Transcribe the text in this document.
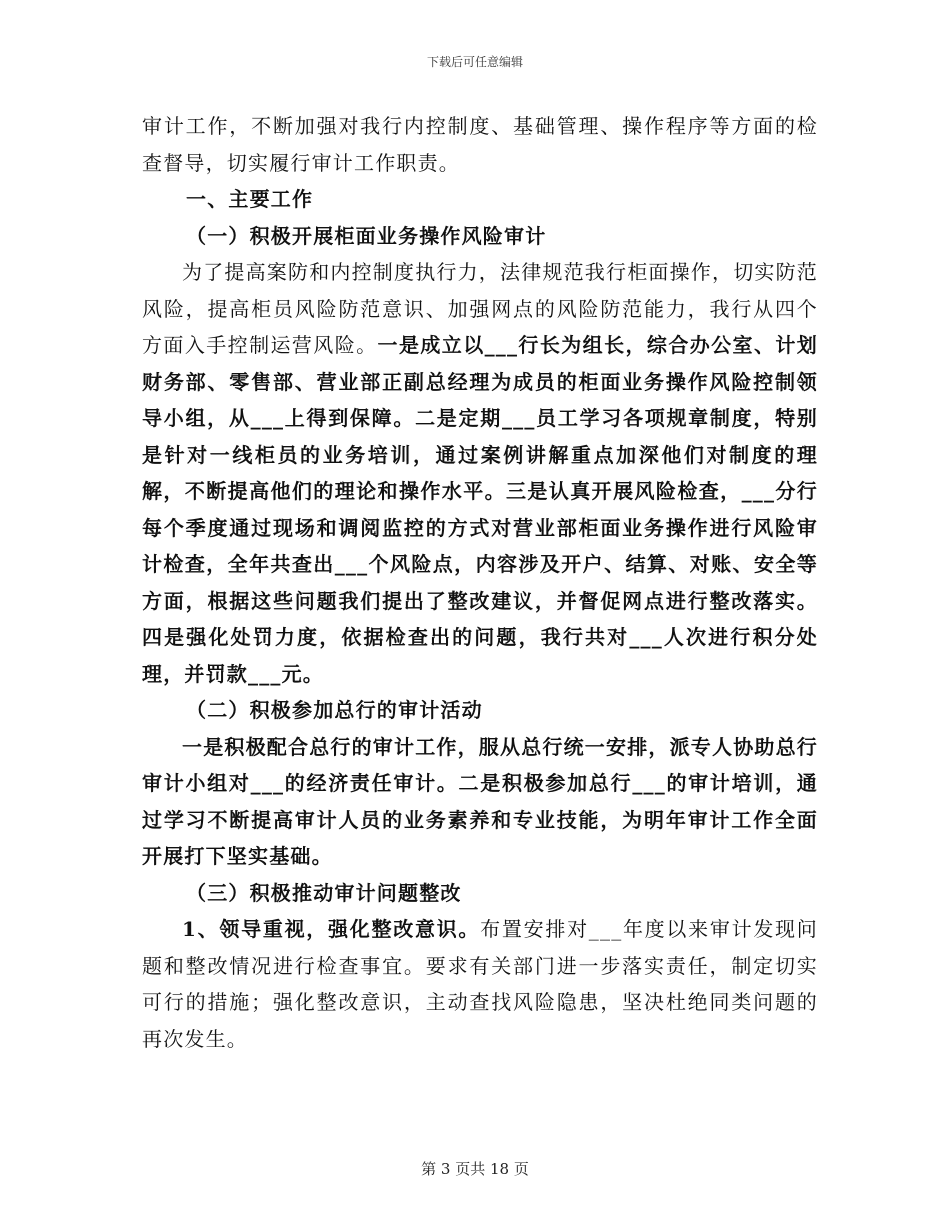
下载后可任意编辑

审计工作，不断加强对我行内控制度、基础管理、操作程序等方面的检查督导，切实履行审计工作职责。

一、主要工作

（一）积极开展柜面业务操作风险审计

为了提高案防和内控制度执行力，法律规范我行柜面操作，切实防范风险，提高柜员风险防范意识、加强网点的风险防范能力，我行从四个方面入手控制运营风险。一是成立以___行长为组长，综合办公室、计划财务部、零售部、营业部正副总经理为成员的柜面业务操作风险控制领导小组，从___上得到保障。二是定期___员工学习各项规章制度，特别是针对一线柜员的业务培训，通过案例讲解重点加深他们对制度的理解，不断提高他们的理论和操作水平。三是认真开展风险检查，___分行每个季度通过现场和调阅监控的方式对营业部柜面业务操作进行风险审计检查，全年共查出___个风险点，内容涉及开户、结算、对账、安全等方面，根据这些问题我们提出了整改建议，并督促网点进行整改落实。四是强化处罚力度，依据检查出的问题，我行共对___人次进行积分处理，并罚款___元。

（二）积极参加总行的审计活动

一是积极配合总行的审计工作，服从总行统一安排，派专人协助总行审计小组对___的经济责任审计。二是积极参加总行___的审计培训，通过学习不断提高审计人员的业务素养和专业技能，为明年审计工作全面开展打下坚实基础。

（三）积极推动审计问题整改

1、领导重视，强化整改意识。布置安排对___年度以来审计发现问题和整改情况进行检查事宜。要求有关部门进一步落实责任，制定切实可行的措施；强化整改意识，主动查找风险隐患，坚决杜绝同类问题的再次发生。

第 3 页共 18 页
